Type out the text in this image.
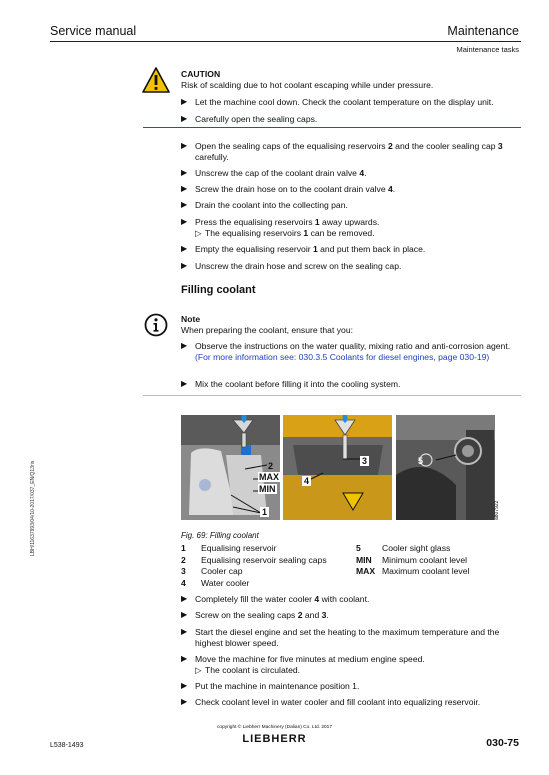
Service manual	Maintenance
Maintenance tasks
LBH/11637993/04/10-2017/037_EN/Q13ris
CAUTION
Risk of scalding due to hot coolant escaping while under pressure.
▶ Let the machine cool down. Check the coolant temperature on the display unit.
▶ Carefully open the sealing caps.
▶ Open the sealing caps of the equalising reservoirs 2 and the cooler sealing cap 3 carefully.
▶ Unscrew the cap of the coolant drain valve 4.
▶ Screw the drain hose on to the coolant drain valve 4.
▶ Drain the coolant into the collecting pan.
▶ Press the equalising reservoirs 1 away upwards.
▷ The equalising reservoirs 1 can be removed.
▶ Empty the equalising reservoir 1 and put them back in place.
▶ Unscrew the drain hose and screw on the sealing cap.
Filling coolant
Note
When preparing the coolant, ensure that you:
▶ Observe the instructions on the water quality, mixing ratio and anti-corrosion agent. (For more information see: 030.3.5 Coolants for diesel engines, page 030-19)
▶ Mix the coolant before filling it into the cooling system.
2
MAX
MIN
1
3
4
5
a807922
Fig. 69: Filling coolant
1 Equalising reservoir
2 Equalising reservoir sealing caps
3 Cooler cap
4 Water cooler
5 Cooler sight glass
MIN Minimum coolant level
MAX Maximum coolant level
▶ Completely fill the water cooler 4 with coolant.
▶ Screw on the sealing caps 2 and 3.
▶ Start the diesel engine and set the heating to the maximum temperature and the highest blower speed.
▶ Move the machine for five minutes at medium engine speed.
▷ The coolant is circulated.
▶ Put the machine in maintenance position 1.
▶ Check coolant level in water cooler and fill coolant into equalizing reservoir.
copyright © Liebherr Machinery (Dalian) Co. Ltd. 2017
LIEBHERR
L538-1493	030-75
